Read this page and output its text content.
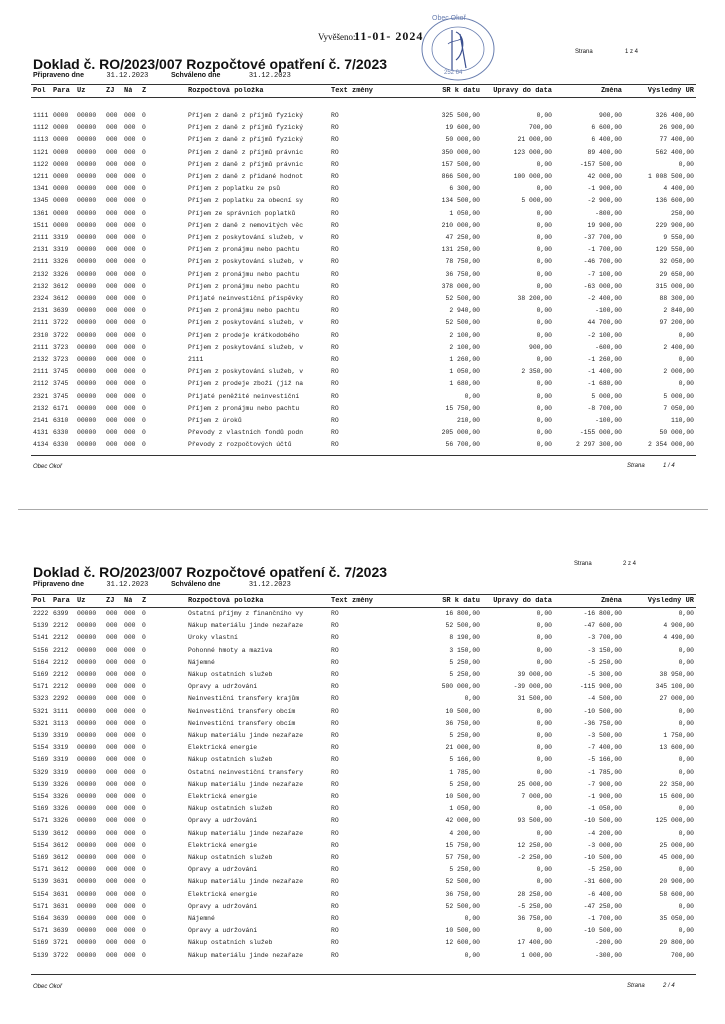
Vyvěšeno:
11-01- 2024
Obec Okoř
252 64
Strana	1 z 4
Doklad č. RO/2023/007 Rozpočtové opatření č. 7/2023
Připraveno dne	31.12.2023	Schváleno dne	31.12.2023
Pol Para Uz	ZJ Ná Z	Rozpočtová položka	Text změny	SR k datu	Úpravy do data	Změna	Výsledný UR
1111 0000	00000	000	000	0	Příjem z daně z příjmů fyzický	RO	325 500,00	0,00	900,00	326 400,00
1112 0000	00000	000	000	0	Příjem z daně z příjmů fyzický	RO	19 600,00	700,00	6 600,00	26 900,00
1113 0000	00000	000	000	0	Příjem z daně z příjmů fyzický	RO	50 000,00	21 000,00	6 400,00	77 400,00
1121 0000	00000	000	000	0	Příjem z daně z příjmů právnic	RO	350 000,00	123 000,00	89 400,00	562 400,00
1122 0000	00000	000	000	0	Příjem z daně z příjmů právnic	RO	157 500,00	0,00	-157 500,00	0,00
1211 0000	00000	000	000	0	Příjem z daně z přidané hodnot	RO	866 500,00	100 000,00	42 000,00	1 008 500,00
1341 0000	00000	000	000	0	Příjem z poplatku ze psů	RO	6 300,00	0,00	-1 900,00	4 400,00
1345 0000	00000	000	000	0	Příjem z poplatku za obecní sy	RO	134 500,00	5 000,00	-2 900,00	136 600,00
1361 0000	00000	000	000	0	Příjem ze správních poplatků	RO	1 050,00	0,00	-800,00	250,00
1511 0000	00000	000	000	0	Příjem z daně z nemovitých věc	RO	210 000,00	0,00	19 900,00	229 900,00
2111 3319	00000	000	000	0	Příjem z poskytování služeb, v	RO	47 250,00	0,00	-37 700,00	9 550,00
2131 3319	00000	000	000	0	Příjem z pronájmu nebo pachtu	RO	131 250,00	0,00	-1 700,00	129 550,00
2111 3326	00000	000	000	0	Příjem z poskytování služeb, v	RO	78 750,00	0,00	-46 700,00	32 050,00
2132 3326	00000	000	000	0	Příjem z pronájmu nebo pachtu	RO	36 750,00	0,00	-7 100,00	29 650,00
2132 3612	00000	000	000	0	Příjem z pronájmu nebo pachtu	RO	378 000,00	0,00	-63 000,00	315 000,00
2324 3612	00000	000	000	0	Přijaté neinvestiční příspěvky	RO	52 500,00	38 200,00	-2 400,00	88 300,00
2131 3639	00000	000	000	0	Příjem z pronájmu nebo pachtu	RO	2 940,00	0,00	-100,00	2 840,00
2111 3722	00000	000	000	0	Příjem z poskytování služeb, v	RO	52 500,00	0,00	44 700,00	97 200,00
2310 3722	00000	000	000	0	Příjem z prodeje krátkodobého	RO	2 100,00	0,00	-2 100,00	0,00
2111 3723	00000	000	000	0	Příjem z poskytování služeb, v	RO	2 100,00	900,00	-600,00	2 400,00
2132 3723	00000	000	000	0	2111	RO	1 260,00	0,00	-1 260,00	0,00
2111 3745	00000	000	000	0	Příjem z poskytování služeb, v	RO	1 050,00	2 350,00	-1 400,00	2 000,00
2112 3745	00000	000	000	0	Příjem z prodeje zboží (již na	RO	1 680,00	0,00	-1 680,00	0,00
2321 3745	00000	000	000	0	Přijaté peněžité neinvestiční	RO	0,00	0,00	5 000,00	5 000,00
2132 6171	00000	000	000	0	Příjem z pronájmu nebo pachtu	RO	15 750,00	0,00	-8 700,00	7 050,00
2141 6310	00000	000	000	0	Příjem z úroků	RO	210,00	0,00	-100,00	110,00
4131 6330	00000	000	000	0	Převody z vlastních fondů podn	RO	205 000,00	0,00	-155 000,00	50 000,00
4134 6330	00000	000	000	0	Převody z rozpočtových účtů	RO	56 700,00	0,00	2 297 300,00	2 354 000,00
Obec Okoř	Strana	1 / 4
Strana	2 z 4
Doklad č. RO/2023/007 Rozpočtové opatření č. 7/2023
Připraveno dne	31.12.2023	Schváleno dne	31.12.2023
Pol Para Uz	ZJ Ná Z	Rozpočtová položka	Text změny	SR k datu	Úpravy do data	Změna	Výsledný UR
2222 6399	00000	000	000	0	Ostatní příjmy z finančního vy	RO	16 800,00	0,00	-16 800,00	0,00
5139 2212	00000	000	000	0	Nákup materiálu jinde nezařaze	RO	52 500,00	0,00	-47 600,00	4 900,00
5141 2212	00000	000	000	0	Úroky vlastní	RO	8 190,00	0,00	-3 700,00	4 490,00
5156 2212	00000	000	000	0	Pohonné hmoty a maziva	RO	3 150,00	0,00	-3 150,00	0,00
5164 2212	00000	000	000	0	Nájemné	RO	5 250,00	0,00	-5 250,00	0,00
5169 2212	00000	000	000	0	Nákup ostatních služeb	RO	5 250,00	39 000,00	-5 300,00	38 950,00
5171 2212	00000	000	000	0	Opravy a udržování	RO	500 000,00	-39 000,00	-115 900,00	345 100,00
5323 2292	00000	000	000	0	Neinvestiční transfery krajům	RO	0,00	31 500,00	-4 500,00	27 000,00
5321 3111	00000	000	000	0	Neinvestiční transfery obcím	RO	10 500,00	0,00	-10 500,00	0,00
5321 3113	00000	000	000	0	Neinvestiční transfery obcím	RO	36 750,00	0,00	-36 750,00	0,00
5139 3319	00000	000	000	0	Nákup materiálu jinde nezařaze	RO	5 250,00	0,00	-3 500,00	1 750,00
5154 3319	00000	000	000	0	Elektrická energie	RO	21 000,00	0,00	-7 400,00	13 600,00
5169 3319	00000	000	000	0	Nákup ostatních služeb	RO	5 166,00	0,00	-5 166,00	0,00
5329 3319	00000	000	000	0	Ostatní neinvestiční transfery	RO	1 785,00	0,00	-1 785,00	0,00
5139 3326	00000	000	000	0	Nákup materiálu jinde nezařaze	RO	5 250,00	25 000,00	-7 900,00	22 350,00
5154 3326	00000	000	000	0	Elektrická energie	RO	10 500,00	7 000,00	-1 900,00	15 600,00
5169 3326	00000	000	000	0	Nákup ostatních služeb	RO	1 050,00	0,00	-1 050,00	0,00
5171 3326	00000	000	000	0	Opravy a udržování	RO	42 000,00	93 500,00	-10 500,00	125 000,00
5139 3612	00000	000	000	0	Nákup materiálu jinde nezařaze	RO	4 200,00	0,00	-4 200,00	0,00
5154 3612	00000	000	000	0	Elektrická energie	RO	15 750,00	12 250,00	-3 000,00	25 000,00
5169 3612	00000	000	000	0	Nákup ostatních služeb	RO	57 750,00	-2 250,00	-10 500,00	45 000,00
5171 3612	00000	000	000	0	Opravy a udržování	RO	5 250,00	0,00	-5 250,00	0,00
5139 3631	00000	000	000	0	Nákup materiálu jinde nezařaze	RO	52 500,00	0,00	-31 600,00	20 900,00
5154 3631	00000	000	000	0	Elektrická energie	RO	36 750,00	28 250,00	-6 400,00	58 600,00
5171 3631	00000	000	000	0	Opravy a udržování	RO	52 500,00	-5 250,00	-47 250,00	0,00
5164 3639	00000	000	000	0	Nájemné	RO	0,00	36 750,00	-1 700,00	35 050,00
5171 3639	00000	000	000	0	Opravy a udržování	RO	10 500,00	0,00	-10 500,00	0,00
5169 3721	00000	000	000	0	Nákup ostatních služeb	RO	12 600,00	17 400,00	-200,00	29 800,00
5139 3722	00000	000	000	0	Nákup materiálu jinde nezařaze	RO	0,00	1 000,00	-300,00	700,00
Obec Okoř	Strana	2 / 4
